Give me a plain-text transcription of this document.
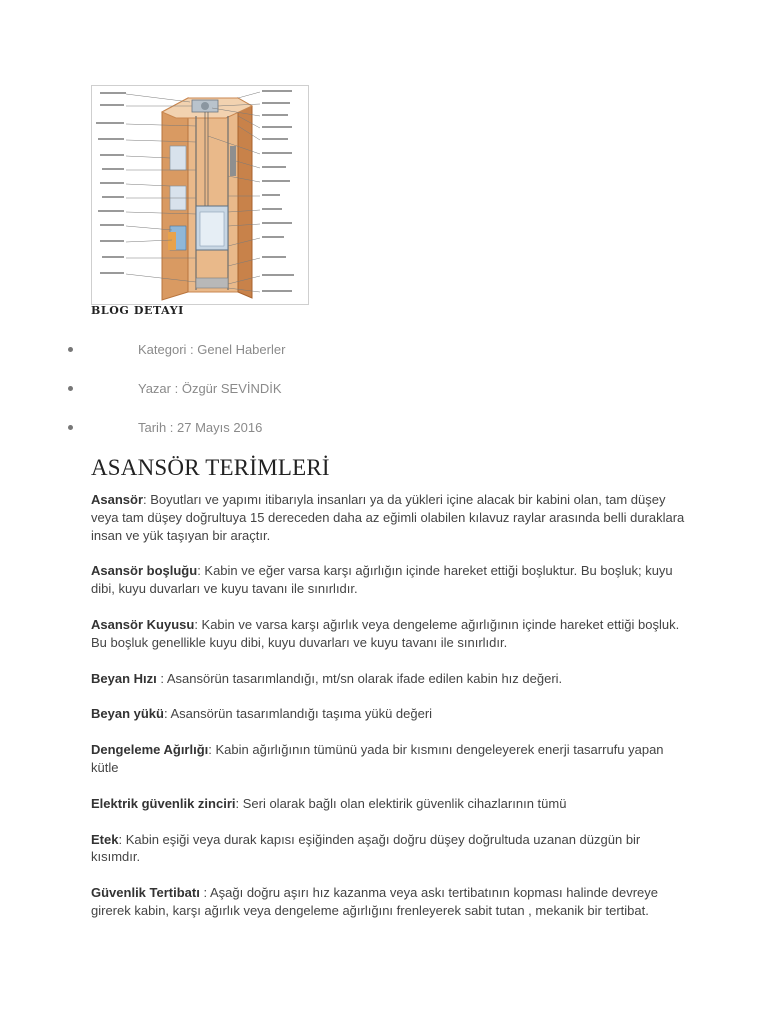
BLOG DETAYI
Kategori : Genel Haberler
Yazar : Özgür SEVİNDİK
Tarih : 27 Mayıs 2016
ASANSÖR TERİMLERİ

Asansör: Boyutları ve yapımı itibarıyla insanları ya da yükleri içine alacak bir kabini olan, tam düşey veya tam düşey doğrultuya 15 dereceden daha az eğimli olabilen kılavuz raylar arasında belli duraklara insan ve yük taşıyan bir araçtır.

Asansör boşluğu: Kabin ve eğer varsa karşı ağırlığın içinde hareket ettiği boşluktur. Bu boşluk; kuyu dibi, kuyu duvarları ve kuyu tavanı ile sınırlıdır.

Asansör Kuyusu: Kabin ve varsa karşı ağırlık veya dengeleme ağırlığının içinde hareket ettiği boşluk. Bu boşluk genellikle kuyu dibi, kuyu duvarları ve kuyu tavanı ile sınırlıdır.

Beyan Hızı : Asansörün tasarımlandığı, mt/sn olarak ifade edilen kabin hız değeri.

Beyan yükü: Asansörün tasarımlandığı taşıma yükü değeri

Dengeleme Ağırlığı: Kabin ağırlığının tümünü yada bir kısmını dengeleyerek enerji tasarrufu yapan kütle

Elektrik güvenlik zinciri: Seri olarak bağlı olan elektirik güvenlik cihazlarının tümü

Etek: Kabin eşiği veya durak kapısı eşiğinden aşağı doğru düşey doğrultuda uzanan düzgün bir kısımdır.

Güvenlik Tertibatı : Aşağı doğru aşırı hız kazanma veya askı tertibatının kopması halinde devreye girerek kabin, karşı ağırlık veya dengeleme ağırlığını frenleyerek sabit tutan , mekanik bir tertibat.
